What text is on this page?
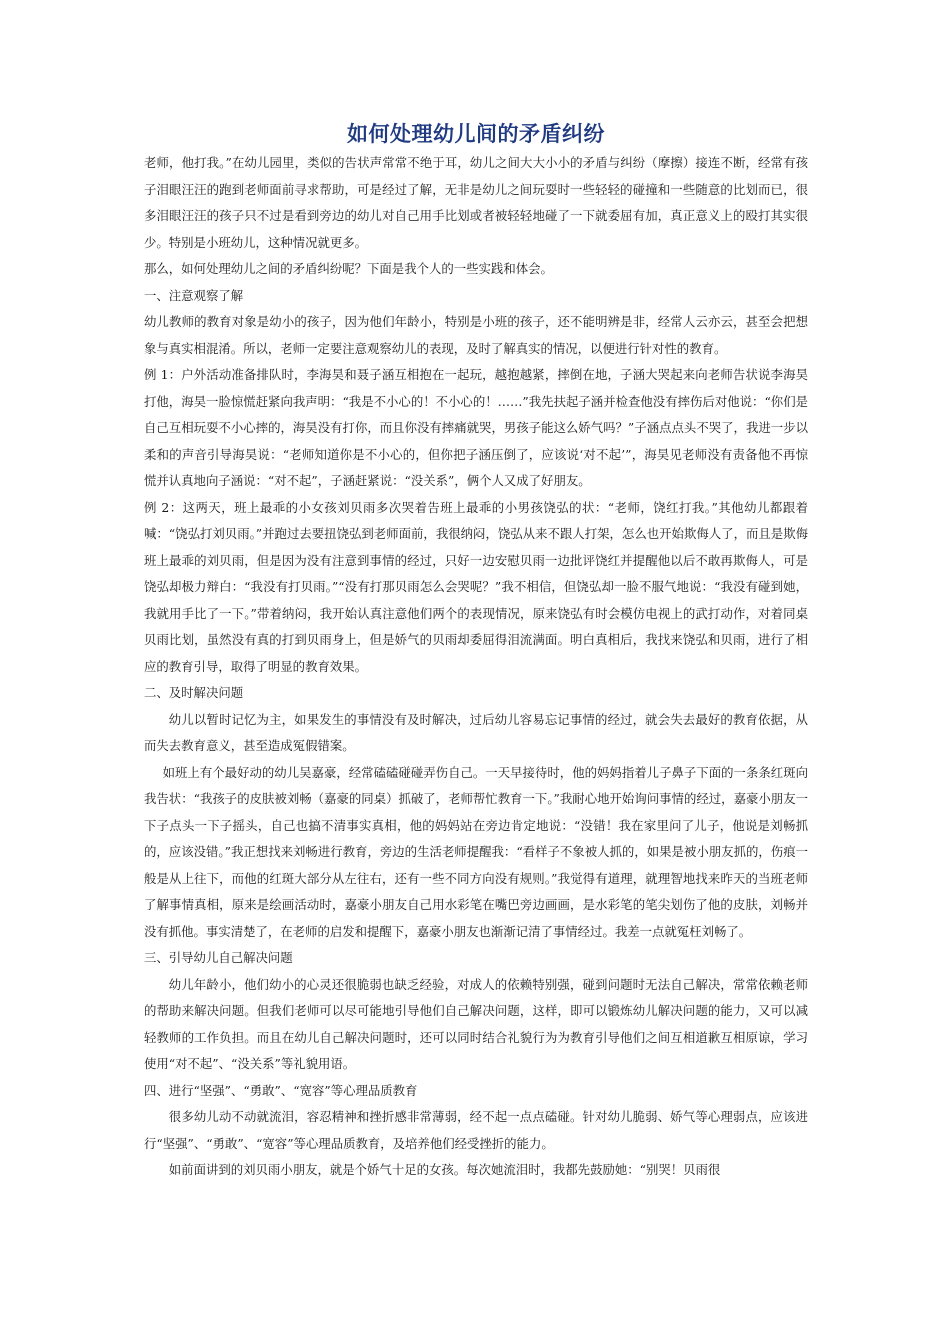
如何处理幼儿间的矛盾纠纷

老师，他打我。”在幼儿园里，类似的告状声常常不绝于耳，幼儿之间大大小小的矛盾与纠纷（摩擦）接连不断，经常有孩子泪眼汪汪的跑到老师面前寻求帮助，可是经过了解，无非是幼儿之间玩耍时一些轻轻的碰撞和一些随意的比划而已，很多泪眼汪汪的孩子只不过是看到旁边的幼儿对自己用手比划或者被轻轻地碰了一下就委屈有加，真正意义上的殴打其实很少。特别是小班幼儿，这种情况就更多。

那么，如何处理幼儿之间的矛盾纠纷呢？下面是我个人的一些实践和体会。

一、注意观察了解

幼儿教师的教育对象是幼小的孩子，因为他们年龄小，特别是小班的孩子，还不能明辨是非，经常人云亦云，甚至会把想象与真实相混淆。所以，老师一定要注意观察幼儿的表现，及时了解真实的情况，以便进行针对性的教育。

例 1：户外活动准备排队时，李海昊和聂子涵互相抱在一起玩，越抱越紧，摔倒在地，子涵大哭起来向老师告状说李海昊打他，海昊一脸惊慌赶紧向我声明：“我是不小心的！不小心的！……”我先扶起子涵并检查他没有摔伤后对他说：“你们是自己互相玩耍不小心摔的，海昊没有打你，而且你没有摔痛就哭，男孩子能这么娇气吗？”子涵点点头不哭了，我进一步以柔和的声音引导海昊说：“老师知道你是不小心的，但你把子涵压倒了，应该说‘对不起’”，海昊见老师没有责备他不再惊慌并认真地向子涵说：“对不起”，子涵赶紧说：“没关系”，俩个人又成了好朋友。

例 2：这两天，班上最乖的小女孩刘贝雨多次哭着告班上最乖的小男孩饶弘的状：“老师，饶红打我。”其他幼儿都跟着喊：“饶弘打刘贝雨。”并跑过去要扭饶弘到老师面前，我很纳闷，饶弘从来不跟人打架，怎么也开始欺侮人了，而且是欺侮班上最乖的刘贝雨，但是因为没有注意到事情的经过，只好一边安慰贝雨一边批评饶红并提醒他以后不敢再欺侮人，可是饶弘却极力辩白：“我没有打贝雨。”“没有打那贝雨怎么会哭呢？”我不相信，但饶弘却一脸不服气地说：“我没有碰到她，我就用手比了一下。”带着纳闷，我开始认真注意他们两个的表现情况，原来饶弘有时会模仿电视上的武打动作，对着同桌贝雨比划，虽然没有真的打到贝雨身上，但是娇气的贝雨却委屈得泪流满面。明白真相后，我找来饶弘和贝雨，进行了相应的教育引导，取得了明显的教育效果。

二、及时解决问题

幼儿以暂时记忆为主，如果发生的事情没有及时解决，过后幼儿容易忘记事情的经过，就会失去最好的教育依据，从而失去教育意义，甚至造成冤假错案。

如班上有个最好动的幼儿吴嘉豪，经常磕磕碰碰弄伤自己。一天早接待时，他的妈妈指着儿子鼻子下面的一条条红斑向我告状：“我孩子的皮肤被刘畅（嘉豪的同桌）抓破了，老师帮忙教育一下。”我耐心地开始询问事情的经过，嘉豪小朋友一下子点头一下子摇头，自己也搞不清事实真相，他的妈妈站在旁边肯定地说：“没错！我在家里问了儿子，他说是刘畅抓的，应该没错。”我正想找来刘畅进行教育，旁边的生活老师提醒我：“看样子不象被人抓的，如果是被小朋友抓的，伤痕一般是从上往下，而他的红斑大部分从左往右，还有一些不同方向没有规则。”我觉得有道理，就理智地找来昨天的当班老师了解事情真相，原来是绘画活动时，嘉豪小朋友自己用水彩笔在嘴巴旁边画画，是水彩笔的笔尖划伤了他的皮肤，刘畅并没有抓他。事实清楚了，在老师的启发和提醒下，嘉豪小朋友也渐渐记清了事情经过。我差一点就冤枉刘畅了。

三、引导幼儿自己解决问题

幼儿年龄小，他们幼小的心灵还很脆弱也缺乏经验，对成人的依赖特别强，碰到问题时无法自己解决，常常依赖老师的帮助来解决问题。但我们老师可以尽可能地引导他们自己解决问题，这样，即可以锻炼幼儿解决问题的能力，又可以减轻教师的工作负担。而且在幼儿自己解决问题时，还可以同时结合礼貌行为为教育引导他们之间互相道歉互相原谅，学习使用“对不起”、“没关系”等礼貌用语。

四、进行“坚强”、“勇敢”、“宽容”等心理品质教育

很多幼儿动不动就流泪，容忍精神和挫折感非常薄弱，经不起一点点磕碰。针对幼儿脆弱、娇气等心理弱点，应该进行“坚强”、“勇敢”、“宽容”等心理品质教育，及培养他们经受挫折的能力。

如前面讲到的刘贝雨小朋友，就是个娇气十足的女孩。每次她流泪时，我都先鼓励她：“别哭！贝雨很
